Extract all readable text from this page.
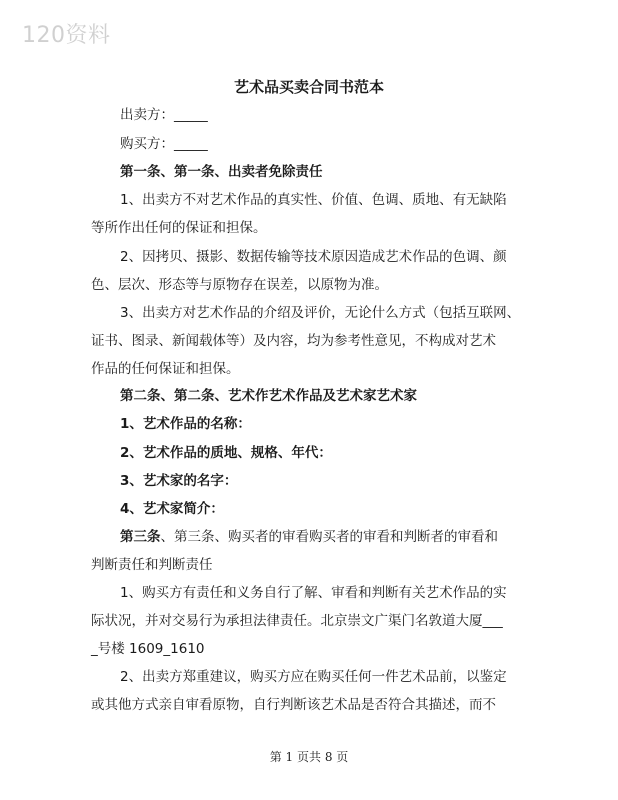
120资料
艺术品买卖合同书范本
出卖方：_____
购买方：_____
第一条、第一条、出卖者免除责任
1、出卖方不对艺术作品的真实性、价值、色调、质地、有无缺陷
等所作出任何的保证和担保。
2、因拷贝、摄影、数据传输等技术原因造成艺术作品的色调、颜
色、层次、形态等与原物存在误差，以原物为准。
3、出卖方对艺术作品的介绍及评价，无论什么方式（包括互联网、
证书、图录、新闻载体等）及内容，均为参考性意见，不构成对艺术
作品的任何保证和担保。
第二条、第二条、艺术作艺术作品及艺术家艺术家
1、艺术作品的名称：
2、艺术作品的质地、规格、年代：
3、艺术家的名字：
4、艺术家简介：
第三条、第三条、购买者的审看购买者的审看和判断者的审看和
判断责任和判断责任
1、购买方有责任和义务自行了解、审看和判断有关艺术作品的实
际状况，并对交易行为承担法律责任。北京崇文广渠门名敦道大厦___
_号楼 1609_1610
2、出卖方郑重建议，购买方应在购买任何一件艺术品前，以鉴定
或其他方式亲自审看原物，自行判断该艺术品是否符合其描述，而不
第 1 页共 8 页
